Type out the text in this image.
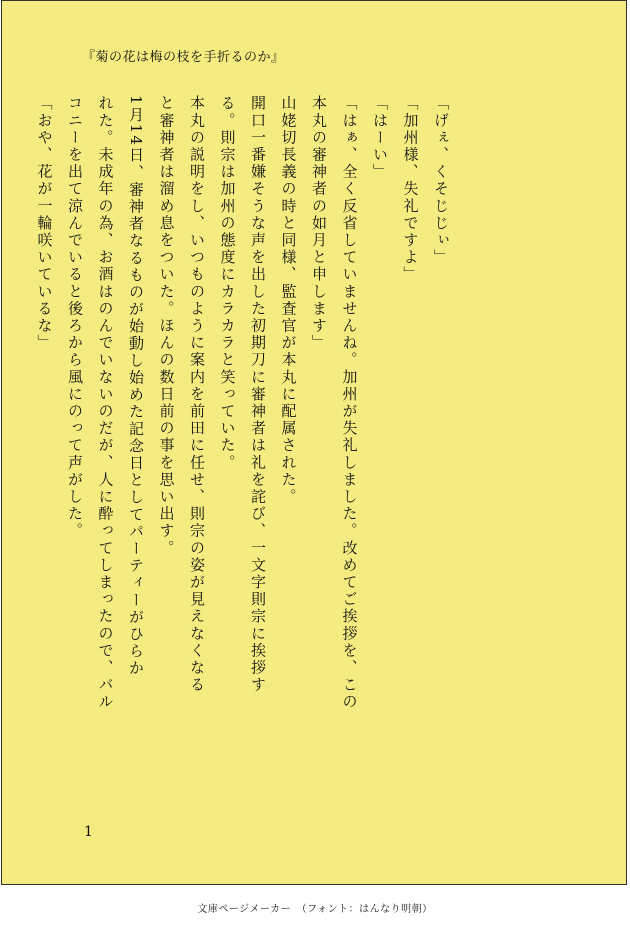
『菊の花は梅の枝を手折るのか』

「げぇ、くそじじぃ」

「加州様、失礼ですよ」

「はーい」

「はぁ、全く反省していませんね。加州が失礼しました。改めてご挨拶を、この

本丸の審神者の如月と申します」

山姥切長義の時と同様、監査官が本丸に配属された。

開口一番嫌そうな声を出した初期刀に審神者は礼を詫び、一文字則宗に挨拶す

る。則宗は加州の態度にカラカラと笑っていた。

本丸の説明をし、いつものように案内を前田に任せ、則宗の姿が見えなくなる

と審神者は溜め息をついた。ほんの数日前の事を思い出す。

1月14日、審神者なるものが始動し始めた記念日としてパーティーがひらか

れた。未成年の為、お酒はのんでいないのだが、人に酔ってしまったので、バル

コニーを出て涼んでいると後ろから風にのって声がした。

「おや、花が一輪咲いているな」

1
文庫ページメーカー　（フォント：はんなり明朝）
